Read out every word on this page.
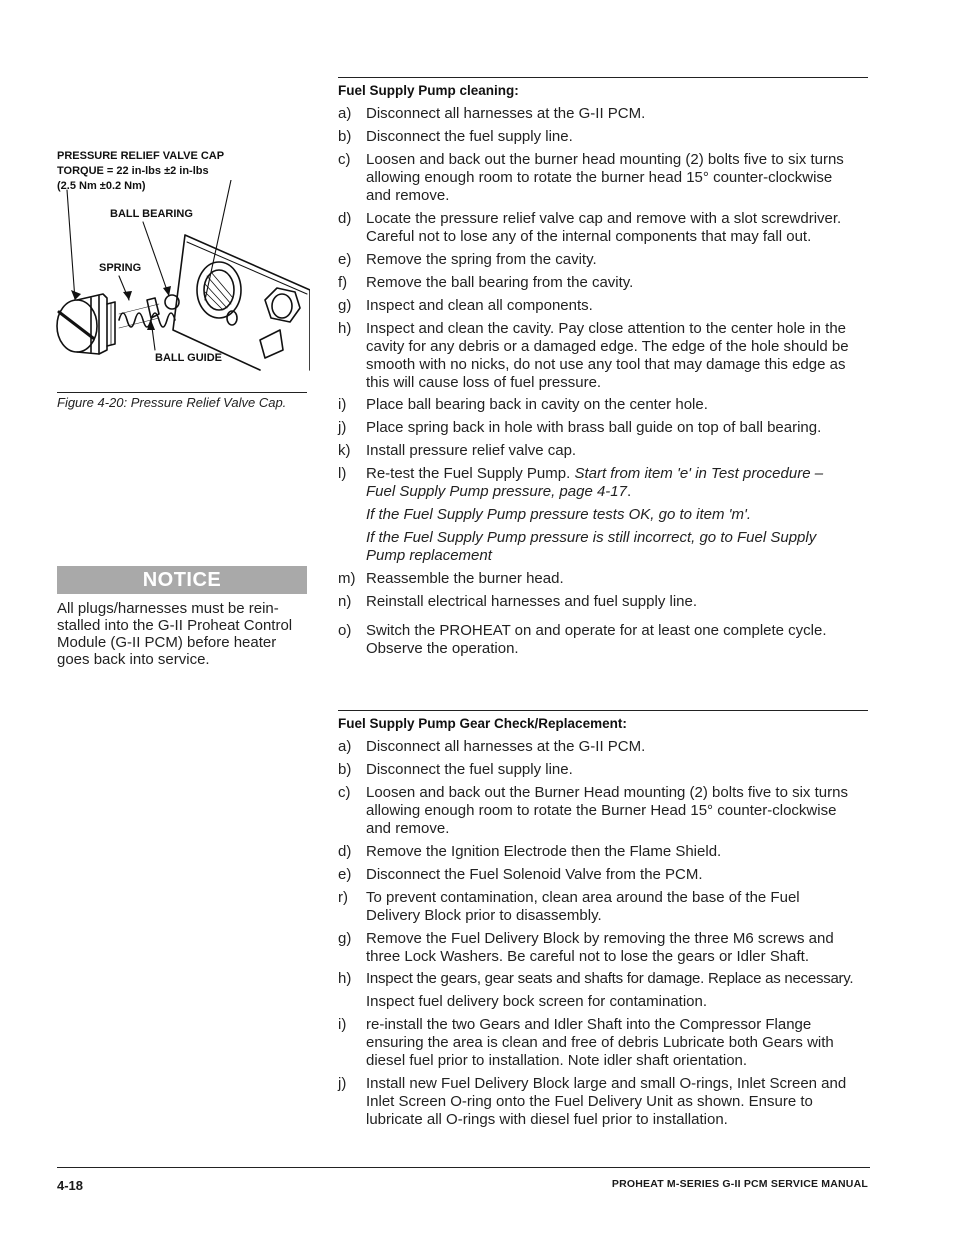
PRESSURE RELIEF VALVE CAP
TORQUE = 22 in-lbs ±2 in-lbs
(2.5 Nm ±0.2 Nm)
BALL BEARING
SPRING
BALL GUIDE
Figure 4-20: Pressure Relief Valve Cap.
NOTICE
All plugs/harnesses must be rein-
stalled into the G-II Proheat Control
Module (G-II PCM) before heater
goes back into service.
Fuel Supply Pump cleaning:
a) Disconnect all harnesses at the G-II PCM.
b) Disconnect the fuel supply line.
c) Loosen and back out the burner head mounting (2) bolts five to six turns
allowing enough room to rotate the burner head 15° counter-clockwise
and remove.
d) Locate the pressure relief valve cap and remove with a slot screwdriver.
Careful not to lose any of the internal components that may fall out.
e) Remove the spring from the cavity.
f) Remove the ball bearing from the cavity.
g) Inspect and clean all components.
h) Inspect and clean the cavity. Pay close attention to the center hole in the
cavity for any debris or a damaged edge. The edge of the hole should be
smooth with no nicks, do not use any tool that may damage this edge as
this will cause loss of fuel pressure.
i) Place ball bearing back in cavity on the center hole.
j) Place spring back in hole with brass ball guide on top of ball bearing.
k) Install pressure relief valve cap.
l) Re-test the Fuel Supply Pump. Start from item 'e' in Test procedure –
Fuel Supply Pump pressure, page 4-17.
If the Fuel Supply Pump pressure tests OK, go to item 'm'.
If the Fuel Supply Pump pressure is still incorrect, go to Fuel Supply
Pump replacement
m) Reassemble the burner head.
n) Reinstall electrical harnesses and fuel supply line.
o) Switch the PROHEAT on and operate for at least one complete cycle.
Observe the operation.
Fuel Supply Pump Gear Check/Replacement:
a) Disconnect all harnesses at the G-II PCM.
b) Disconnect the fuel supply line.
c) Loosen and back out the Burner Head mounting (2) bolts five to six turns
allowing enough room to rotate the Burner Head 15° counter-clockwise
and remove.
d) Remove the Ignition Electrode then the Flame Shield.
e) Disconnect the Fuel Solenoid Valve from the PCM.
r) To prevent contamination, clean area around the base of the Fuel
Delivery Block prior to disassembly.
g) Remove the Fuel Delivery Block by removing the three M6 screws and
three Lock Washers. Be careful not to lose the gears or Idler Shaft.
h) Inspect the gears, gear seats and shafts for damage. Replace as necessary.
Inspect fuel delivery bock screen for contamination.
i) re-install the two Gears and Idler Shaft into the Compressor Flange
ensuring the area is clean and free of debris Lubricate both Gears with
diesel fuel prior to installation. Note idler shaft orientation.
j) Install new Fuel Delivery Block large and small O-rings, Inlet Screen and
Inlet Screen O-ring onto the Fuel Delivery Unit as shown. Ensure to
lubricate all O-rings with diesel fuel prior to installation.
4-18	PROHEAT M-SERIES G-II PCM SERVICE MANUAL
